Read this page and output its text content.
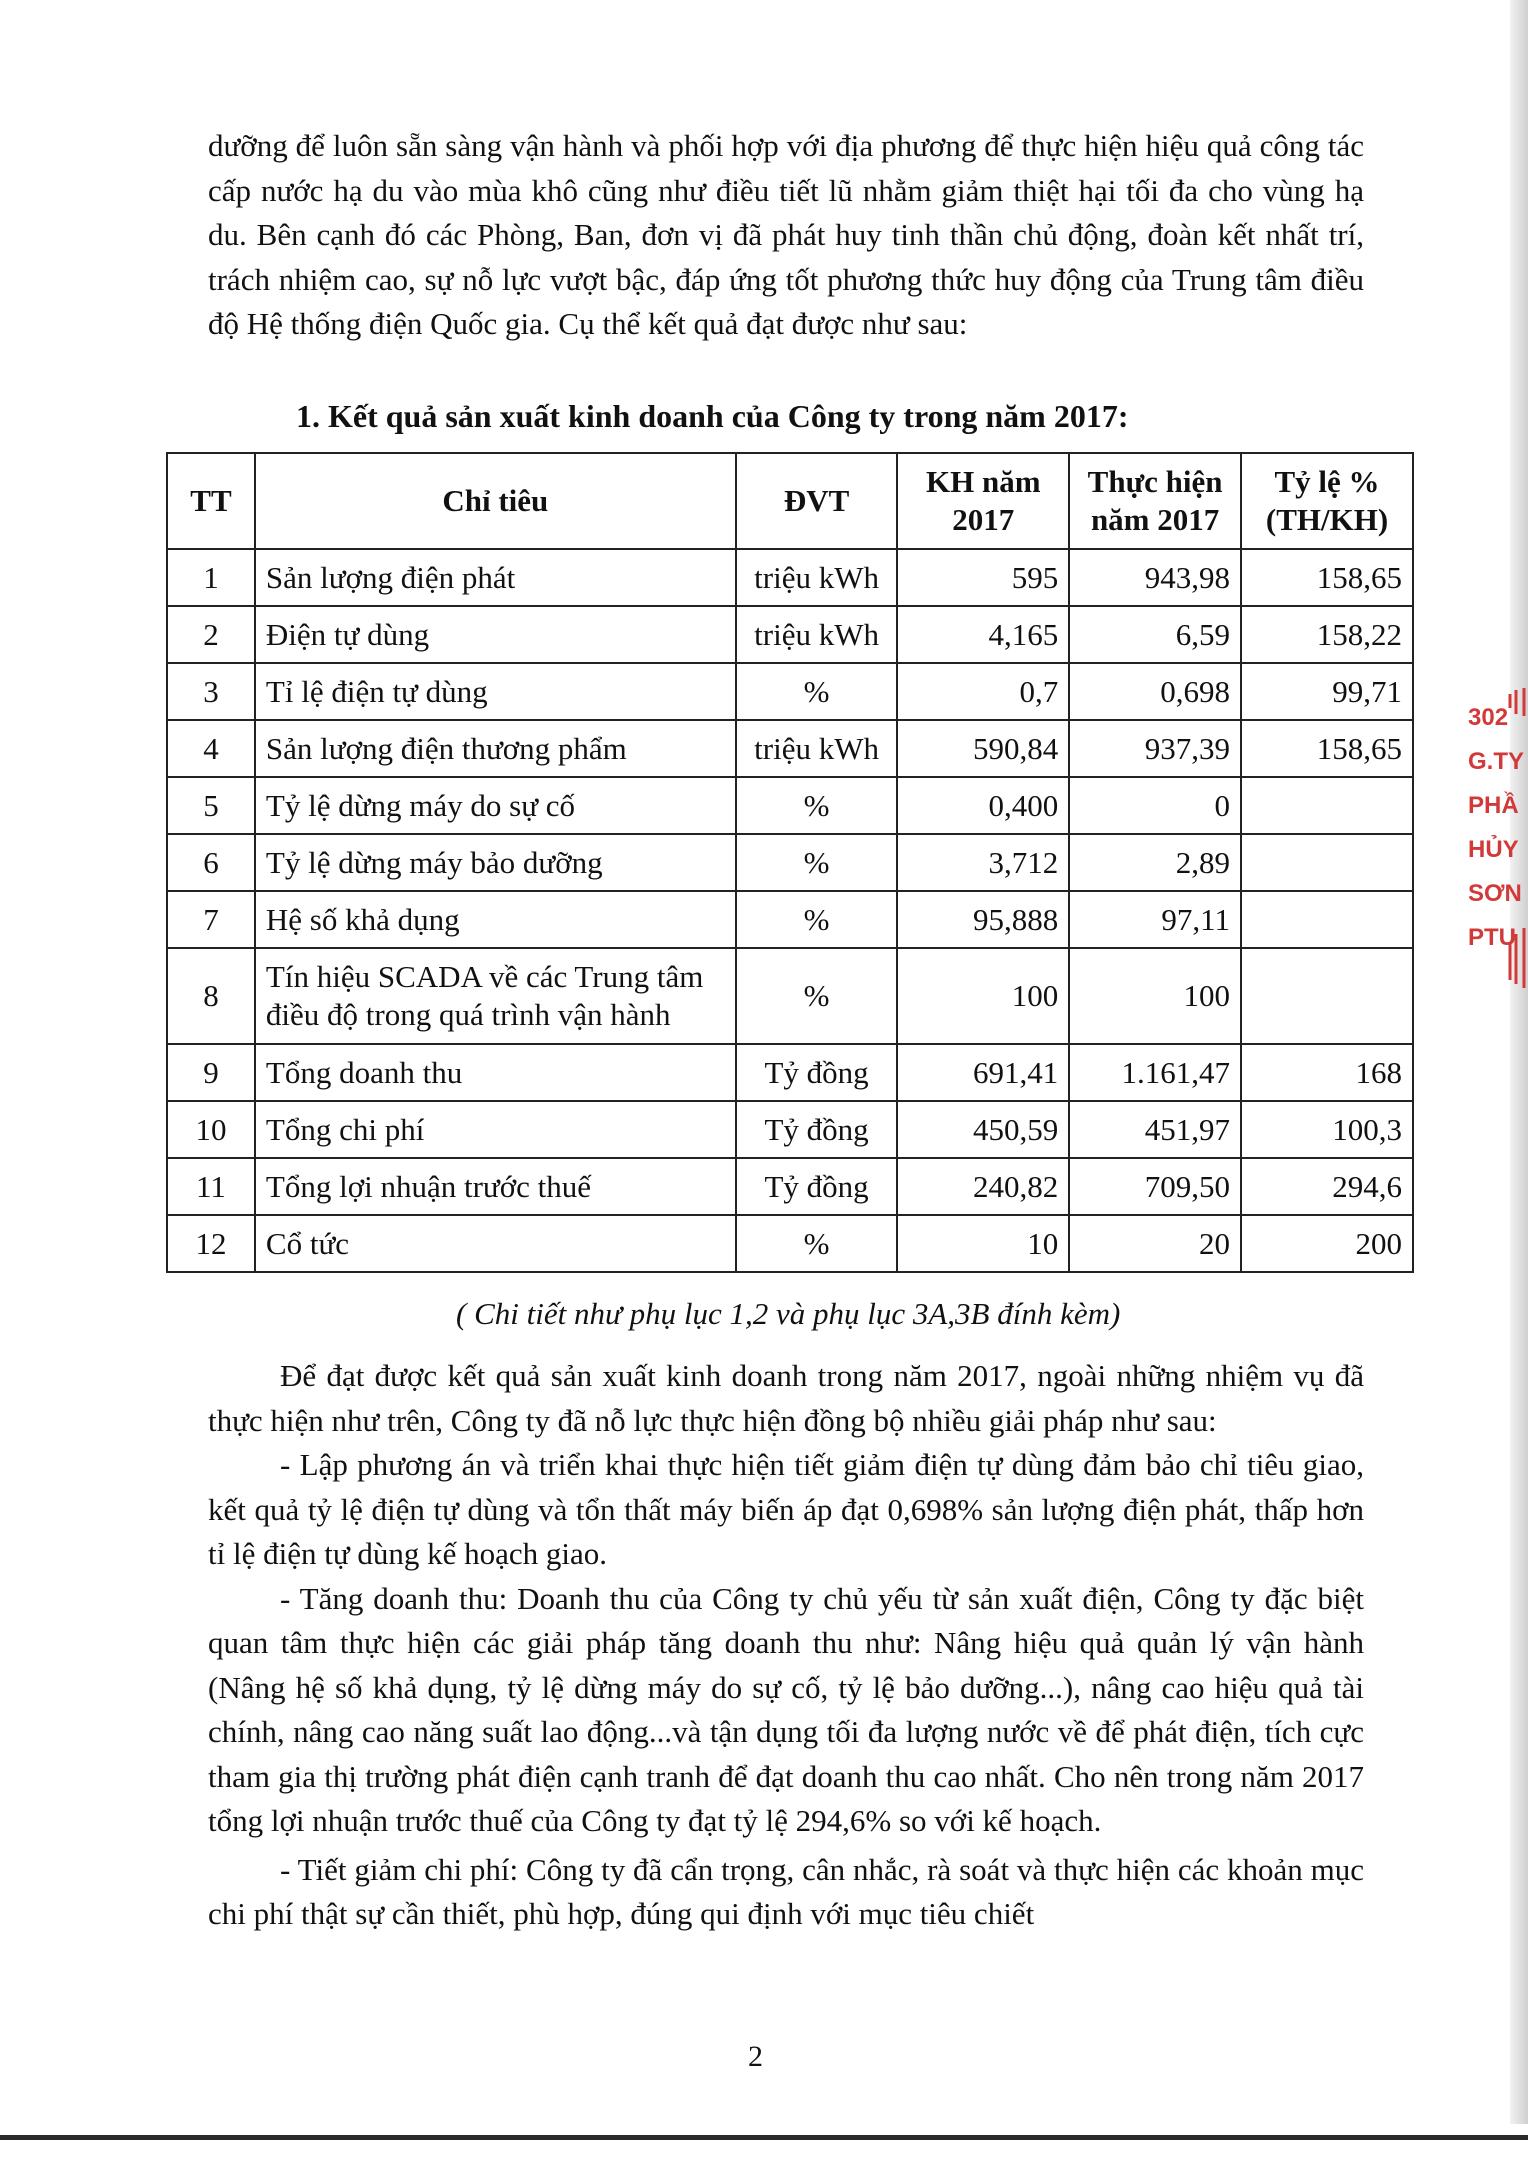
dưỡng để luôn sẵn sàng vận hành và phối hợp với địa phương để thực hiện hiệu quả công tác cấp nước hạ du vào mùa khô cũng như điều tiết lũ nhằm giảm thiệt hại tối đa cho vùng hạ du. Bên cạnh đó các Phòng, Ban, đơn vị đã phát huy tinh thần chủ động, đoàn kết nhất trí, trách nhiệm cao, sự nỗ lực vượt bậc, đáp ứng tốt phương thức huy động của Trung tâm điều độ Hệ thống điện Quốc gia. Cụ thể kết quả đạt được như sau:

1. Kết quả sản xuất kinh doanh của Công ty trong năm 2017:
TT	Chỉ tiêu	ĐVT	KH năm 2017	Thực hiện năm 2017	Tỷ lệ % (TH/KH)
1	Sản lượng điện phát	triệu kWh	595	943,98	158,65
2	Điện tự dùng	triệu kWh	4,165	6,59	158,22
3	Tỉ lệ điện tự dùng	%	0,7	0,698	99,71
4	Sản lượng điện thương phẩm	triệu kWh	590,84	937,39	158,65
5	Tỷ lệ dừng máy do sự cố	%	0,400	0	
6	Tỷ lệ dừng máy bảo dưỡng	%	3,712	2,89	
7	Hệ số khả dụng	%	95,888	97,11	
8	Tín hiệu SCADA về các Trung tâm điều độ trong quá trình vận hành	%	100	100	
9	Tổng doanh thu	Tỷ đồng	691,41	1.161,47	168
10	Tổng chi phí	Tỷ đồng	450,59	451,97	100,3
11	Tổng lợi nhuận trước thuế	Tỷ đồng	240,82	709,50	294,6
12	Cổ tức	%	10	20	200

( Chi tiết như phụ lục 1,2 và phụ lục 3A,3B đính kèm)

Để đạt được kết quả sản xuất kinh doanh trong năm 2017, ngoài những nhiệm vụ đã thực hiện như trên, Công ty đã nỗ lực thực hiện đồng bộ nhiều giải pháp như sau:

- Lập phương án và triển khai thực hiện tiết giảm điện tự dùng đảm bảo chỉ tiêu giao, kết quả tỷ lệ điện tự dùng và tổn thất máy biến áp đạt 0,698% sản lượng điện phát, thấp hơn tỉ lệ điện tự dùng kế hoạch giao.

- Tăng doanh thu: Doanh thu của Công ty chủ yếu từ sản xuất điện, Công ty đặc biệt quan tâm thực hiện các giải pháp tăng doanh thu như: Nâng hiệu quả quản lý vận hành (Nâng hệ số khả dụng, tỷ lệ dừng máy do sự cố, tỷ lệ bảo dưỡng...), nâng cao hiệu quả tài chính, nâng cao năng suất lao động...và tận dụng tối đa lượng nước về để phát điện, tích cực tham gia thị trường phát điện cạnh tranh để đạt doanh thu cao nhất. Cho nên trong năm 2017 tổng lợi nhuận trước thuế của Công ty đạt tỷ lệ 294,6% so với kế hoạch.

- Tiết giảm chi phí: Công ty đã cẩn trọng, cân nhắc, rà soát và thực hiện các khoản mục chi phí thật sự cần thiết, phù hợp, đúng qui định với mục tiêu chiết

2
302
G.TY
PHẦ
HỦY
SƠN
PTU
